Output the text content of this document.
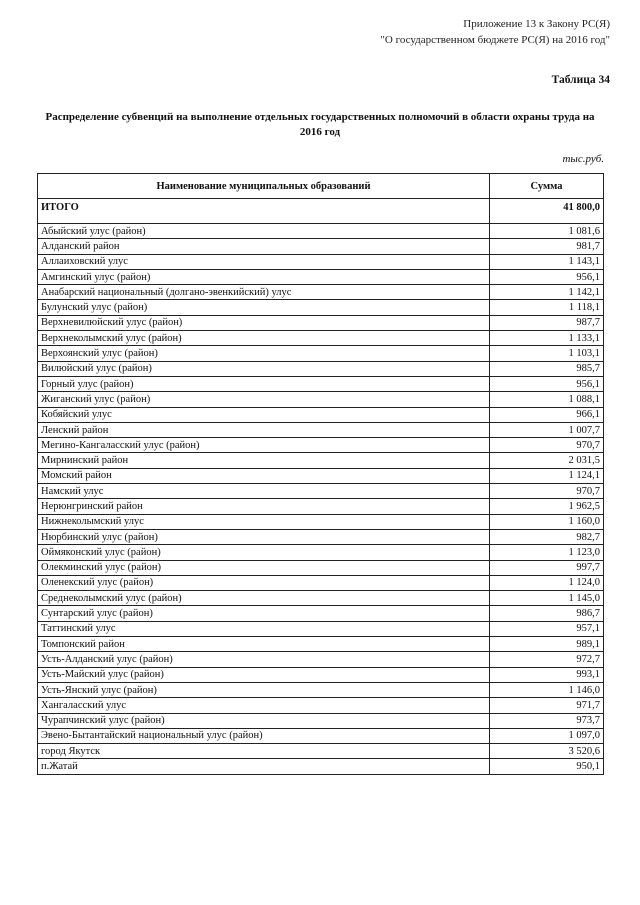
Приложение 13 к Закону РС(Я)
"О государственном бюджете РС(Я) на 2016 год"
Таблица 34
Распределение субвенций на выполнение отдельных государственных полномочий в области охраны труда на 2016 год
тыс.руб.
Наименование муниципальных образований	Сумма
ИТОГО	41 800,0
Абыйский улус (район)	1 081,6
Алданский район	981,7
Аллаиховский улус	1 143,1
Амгинский улус (район)	956,1
Анабарский национальный (долгано-эвенкийский) улус	1 142,1
Булунский улус (район)	1 118,1
Верхневилюйский улус (район)	987,7
Верхнеколымский улус (район)	1 133,1
Верхоянский улус (район)	1 103,1
Вилюйский улус (район)	985,7
Горный улус (район)	956,1
Жиганский улус (район)	1 088,1
Кобяйский улус	966,1
Ленский район	1 007,7
Мегино-Кангаласский улус (район)	970,7
Мирнинский район	2 031,5
Момский район	1 124,1
Намский улус	970,7
Нерюнгринский район	1 962,5
Нижнеколымский улус	1 160,0
Нюрбинский улус (район)	982,7
Оймяконский улус (район)	1 123,0
Олекминский улус (район)	997,7
Оленекский улус (район)	1 124,0
Среднеколымский улус (район)	1 145,0
Сунтарский улус (район)	986,7
Таттинский улус	957,1
Томпонский район	989,1
Усть-Алданский улус (район)	972,7
Усть-Майский улус (район)	993,1
Усть-Янский улус (район)	1 146,0
Хангаласский улус	971,7
Чурапчинский улус (район)	973,7
Эвено-Бытантайский национальный улус (район)	1 097,0
город Якутск	3 520,6
п.Жатай	950,1
